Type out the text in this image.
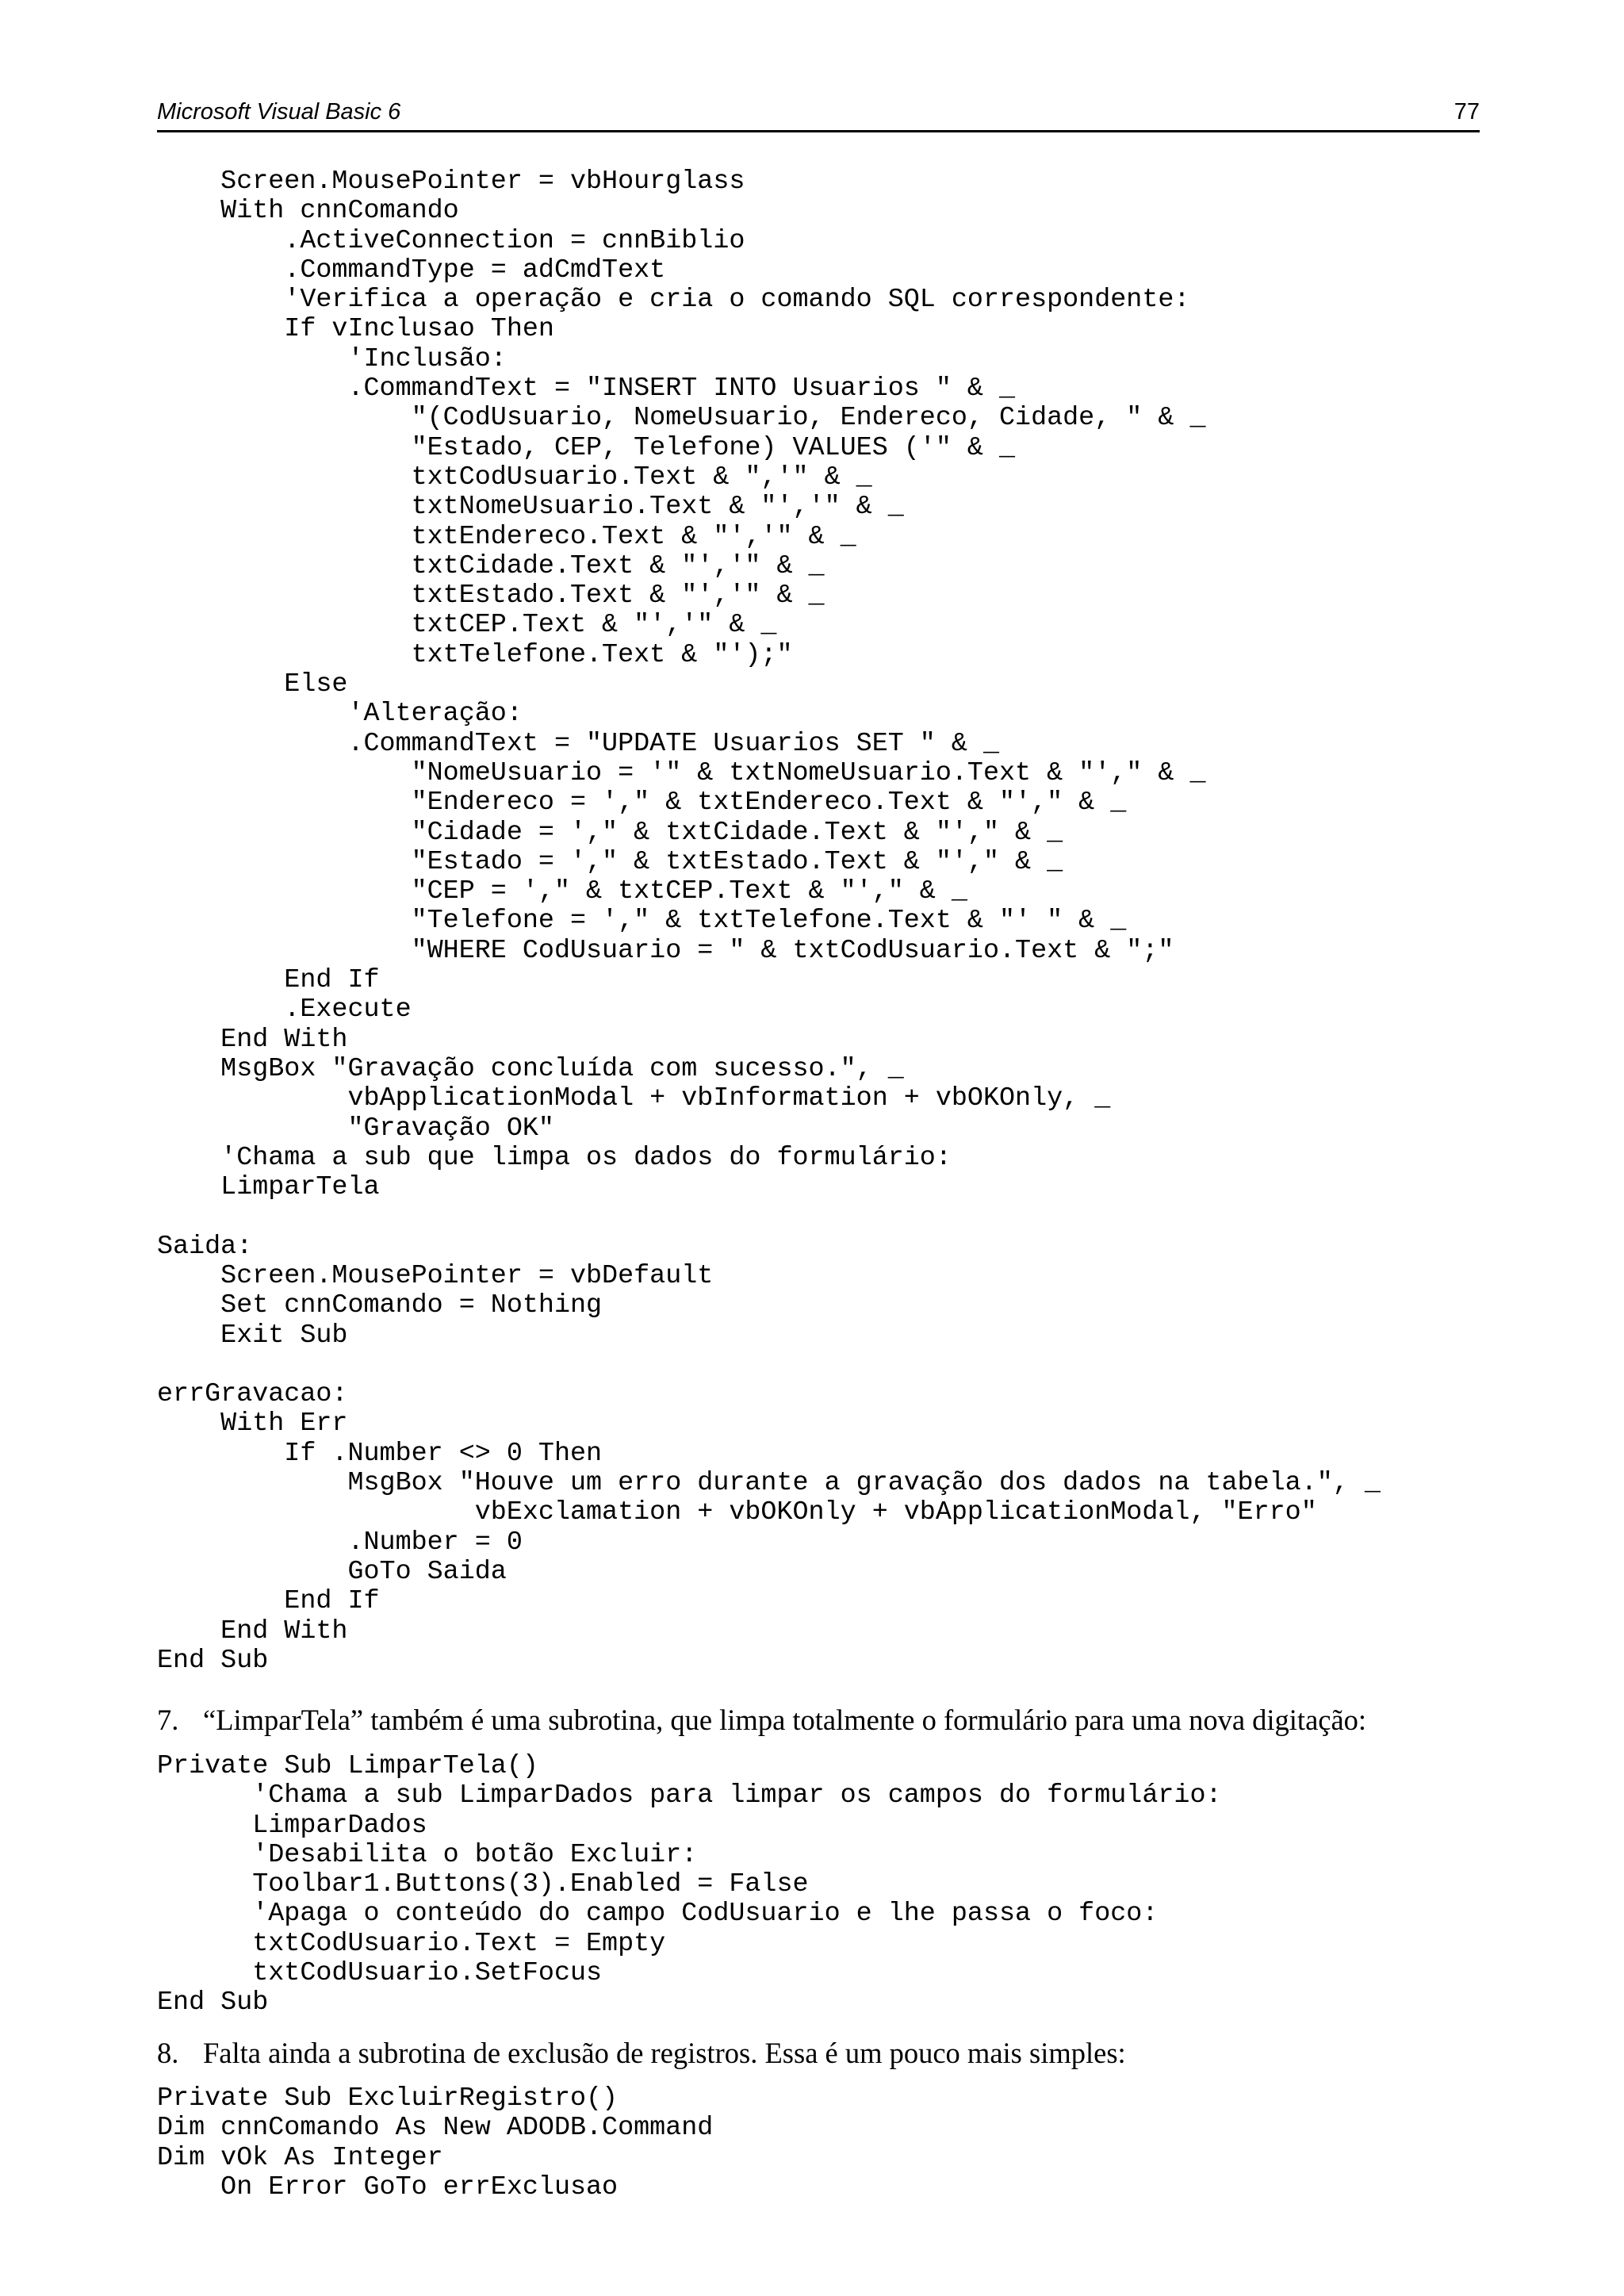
Microsoft Visual Basic 6	77
Screen.MousePointer = vbHourglass
With cnnComando
.ActiveConnection = cnnBiblio
.CommandType = adCmdText
'Verifica a operação e cria o comando SQL correspondente:
If vInclusao Then
'Inclusão:
.CommandText = "INSERT INTO Usuarios " & _
"(CodUsuario, NomeUsuario, Endereco, Cidade, " & _
"Estado, CEP, Telefone) VALUES ('" & _
txtCodUsuario.Text & ",'" & _
txtNomeUsuario.Text & "','" & _
txtEndereco.Text & "','" & _
txtCidade.Text & "','" & _
txtEstado.Text & "','" & _
txtCEP.Text & "','" & _
txtTelefone.Text & "');"
Else
'Alteração:
.CommandText = "UPDATE Usuarios SET " & _
"NomeUsuario = '" & txtNomeUsuario.Text & "'," & _
"Endereco = '," & txtEndereco.Text & "'," & _
"Cidade = '," & txtCidade.Text & "'," & _
"Estado = '," & txtEstado.Text & "'," & _
"CEP = '," & txtCEP.Text & "'," & _
"Telefone = '," & txtTelefone.Text & "' " & _
"WHERE CodUsuario = " & txtCodUsuario.Text & ";"
End If
.Execute
End With
MsgBox "Gravação concluída com sucesso.", _
vbApplicationModal + vbInformation + vbOKOnly, _
"Gravação OK"
'Chama a sub que limpa os dados do formulário:
LimparTela

Saida:
Screen.MousePointer = vbDefault
Set cnnComando = Nothing
Exit Sub

errGravacao:
With Err
If .Number <> 0 Then
MsgBox "Houve um erro durante a gravação dos dados na tabela.", _
vbExclamation + vbOKOnly + vbApplicationModal, "Erro"
.Number = 0
GoTo Saida
End If
End With
End Sub
7. “LimparTela” também é uma subrotina, que limpa totalmente o formulário para uma nova digitação:
Private Sub LimparTela()
'Chama a sub LimparDados para limpar os campos do formulário:
LimparDados
'Desabilita o botão Excluir:
Toolbar1.Buttons(3).Enabled = False
'Apaga o conteúdo do campo CodUsuario e lhe passa o foco:
txtCodUsuario.Text = Empty
txtCodUsuario.SetFocus
End Sub
8. Falta ainda a subrotina de exclusão de registros. Essa é um pouco mais simples:
Private Sub ExcluirRegistro()
Dim cnnComando As New ADODB.Command
Dim vOk As Integer
On Error GoTo errExclusao
